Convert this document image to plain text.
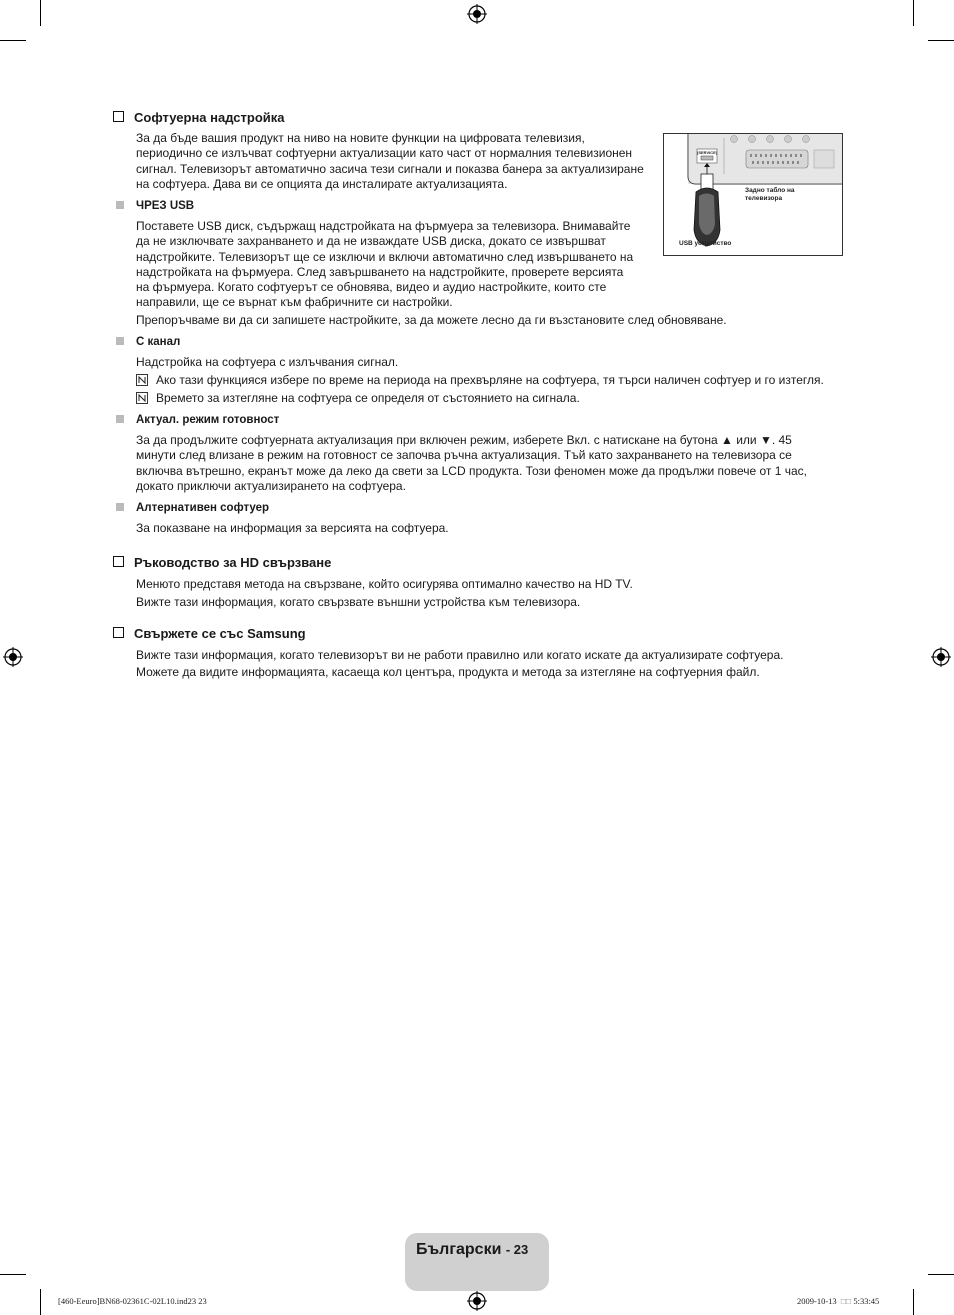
Софтуерна надстройка
За да бъде вашия продукт на ниво на новите функции на цифровата телевизия,
периодично се излъчват софтуерни актуализации като част от нормалния телевизионен
сигнал. Телевизорът автоматично засича тези сигнали и показва банера за актуализиране
на софтуера. Дава ви се опцията да инсталирате актуализацията.
(SERVICE)
Задно табло на
телевизора
USB устройство
ЧРЕЗ USB
Поставете USB диск, съдържащ надстройката на фърмуера за телевизора. Внимавайте
да не изключвате захранването и да не изваждате USB диска, докато се извършват
надстройките. Телевизорът ще се изключи и включи автоматично след извършването на
надстройката на фърмуера. След завършването на надстройките, проверете версията
на фърмуера. Когато софтуерът се обновява, видео и аудио настройките, които сте
направили, ще се върнат към фабричните си настройки.
Препоръчваме ви да си запишете настройките, за да можете лесно да ги възстановите след обновяване.
С канал
Надстройка на софтуера с излъчвания сигнал.
Ако тази функцияся избере по време на периода на прехвърляне на софтуера, тя търси наличен софтуер и го изтегля.
Времето за изтегляне на софтуера се определя от състоянието на сигнала.
Актуал. режим готовност
За да продължите софтуерната актуализация при включен режим, изберете Вкл. с натискане на бутона ▲ или ▼. 45
минути след влизане в режим на готовност се започва ръчна актуализация. Тъй като захранването на телевизора се
включва вътрешно, екранът може да леко да свети за LCD продукта. Този феномен може да продължи повече от 1 час,
докато приключи актуализирането на софтуера.
Алтернативен софтуер
За показване на информация за версията на софтуера.
Ръководство за HD свързване
Менюто представя метода на свързване, който осигурява оптимално качество на HD TV.
Вижте тази информация, когато свързвате външни устройства към телевизора.
Свържете се със Samsung
Вижте тази информация, когато телевизорът ви не работи правилно или когато искате да актуализирате софтуера.
Можете да видите информацията, касаеща кол центъра, продукта и метода за изтегляне на софтуерния файл.
Български - 23
[460-Eeuro]BN68-02361C-02L10.ind23 23	2009-10-13 □□ 5:33:45
